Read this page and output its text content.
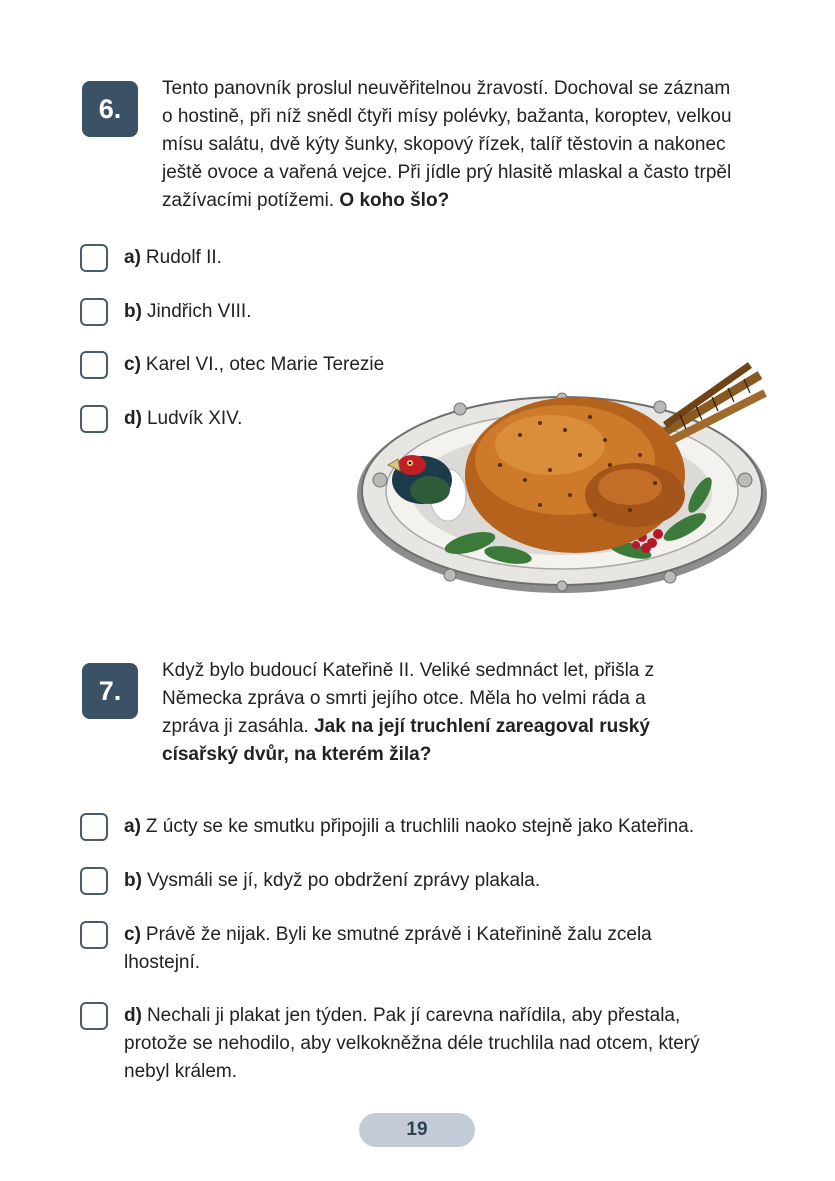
6.
Tento panovník proslul neuvěřitelnou žravostí. Dochoval se záznam o hostině, při níž snědl čtyři mísy polévky, bažanta, koroptev, velkou mísu salátu, dvě kýty šunky, skopový řízek, talíř těstovin a nakonec ještě ovoce a vařená vejce. Při jídle prý hlasitě mlaskal a často trpěl zažívacími potížemi. O koho šlo?
a) Rudolf II.
b) Jindřich VIII.
c) Karel VI., otec Marie Terezie
d) Ludvík XIV.
7.
Když bylo budoucí Kateřině II. Veliké sedmnáct let, přišla z Německa zpráva o smrti jejího otce. Měla ho velmi ráda a zpráva ji zasáhla. Jak na její truchlení zareagoval ruský císařský dvůr, na kterém žila?
a) Z úcty se ke smutku připojili a truchlili naoko stejně jako Kateřina.
b) Vysmáli se jí, když po obdržení zprávy plakala.
c) Právě že nijak. Byli ke smutné zprávě i Kateřinině žalu zcela lhostejní.
d) Nechali ji plakat jen týden. Pak jí carevna nařídila, aby přestala, protože se nehodilo, aby velkokněžna déle truchlila nad otcem, který nebyl králem.
19
